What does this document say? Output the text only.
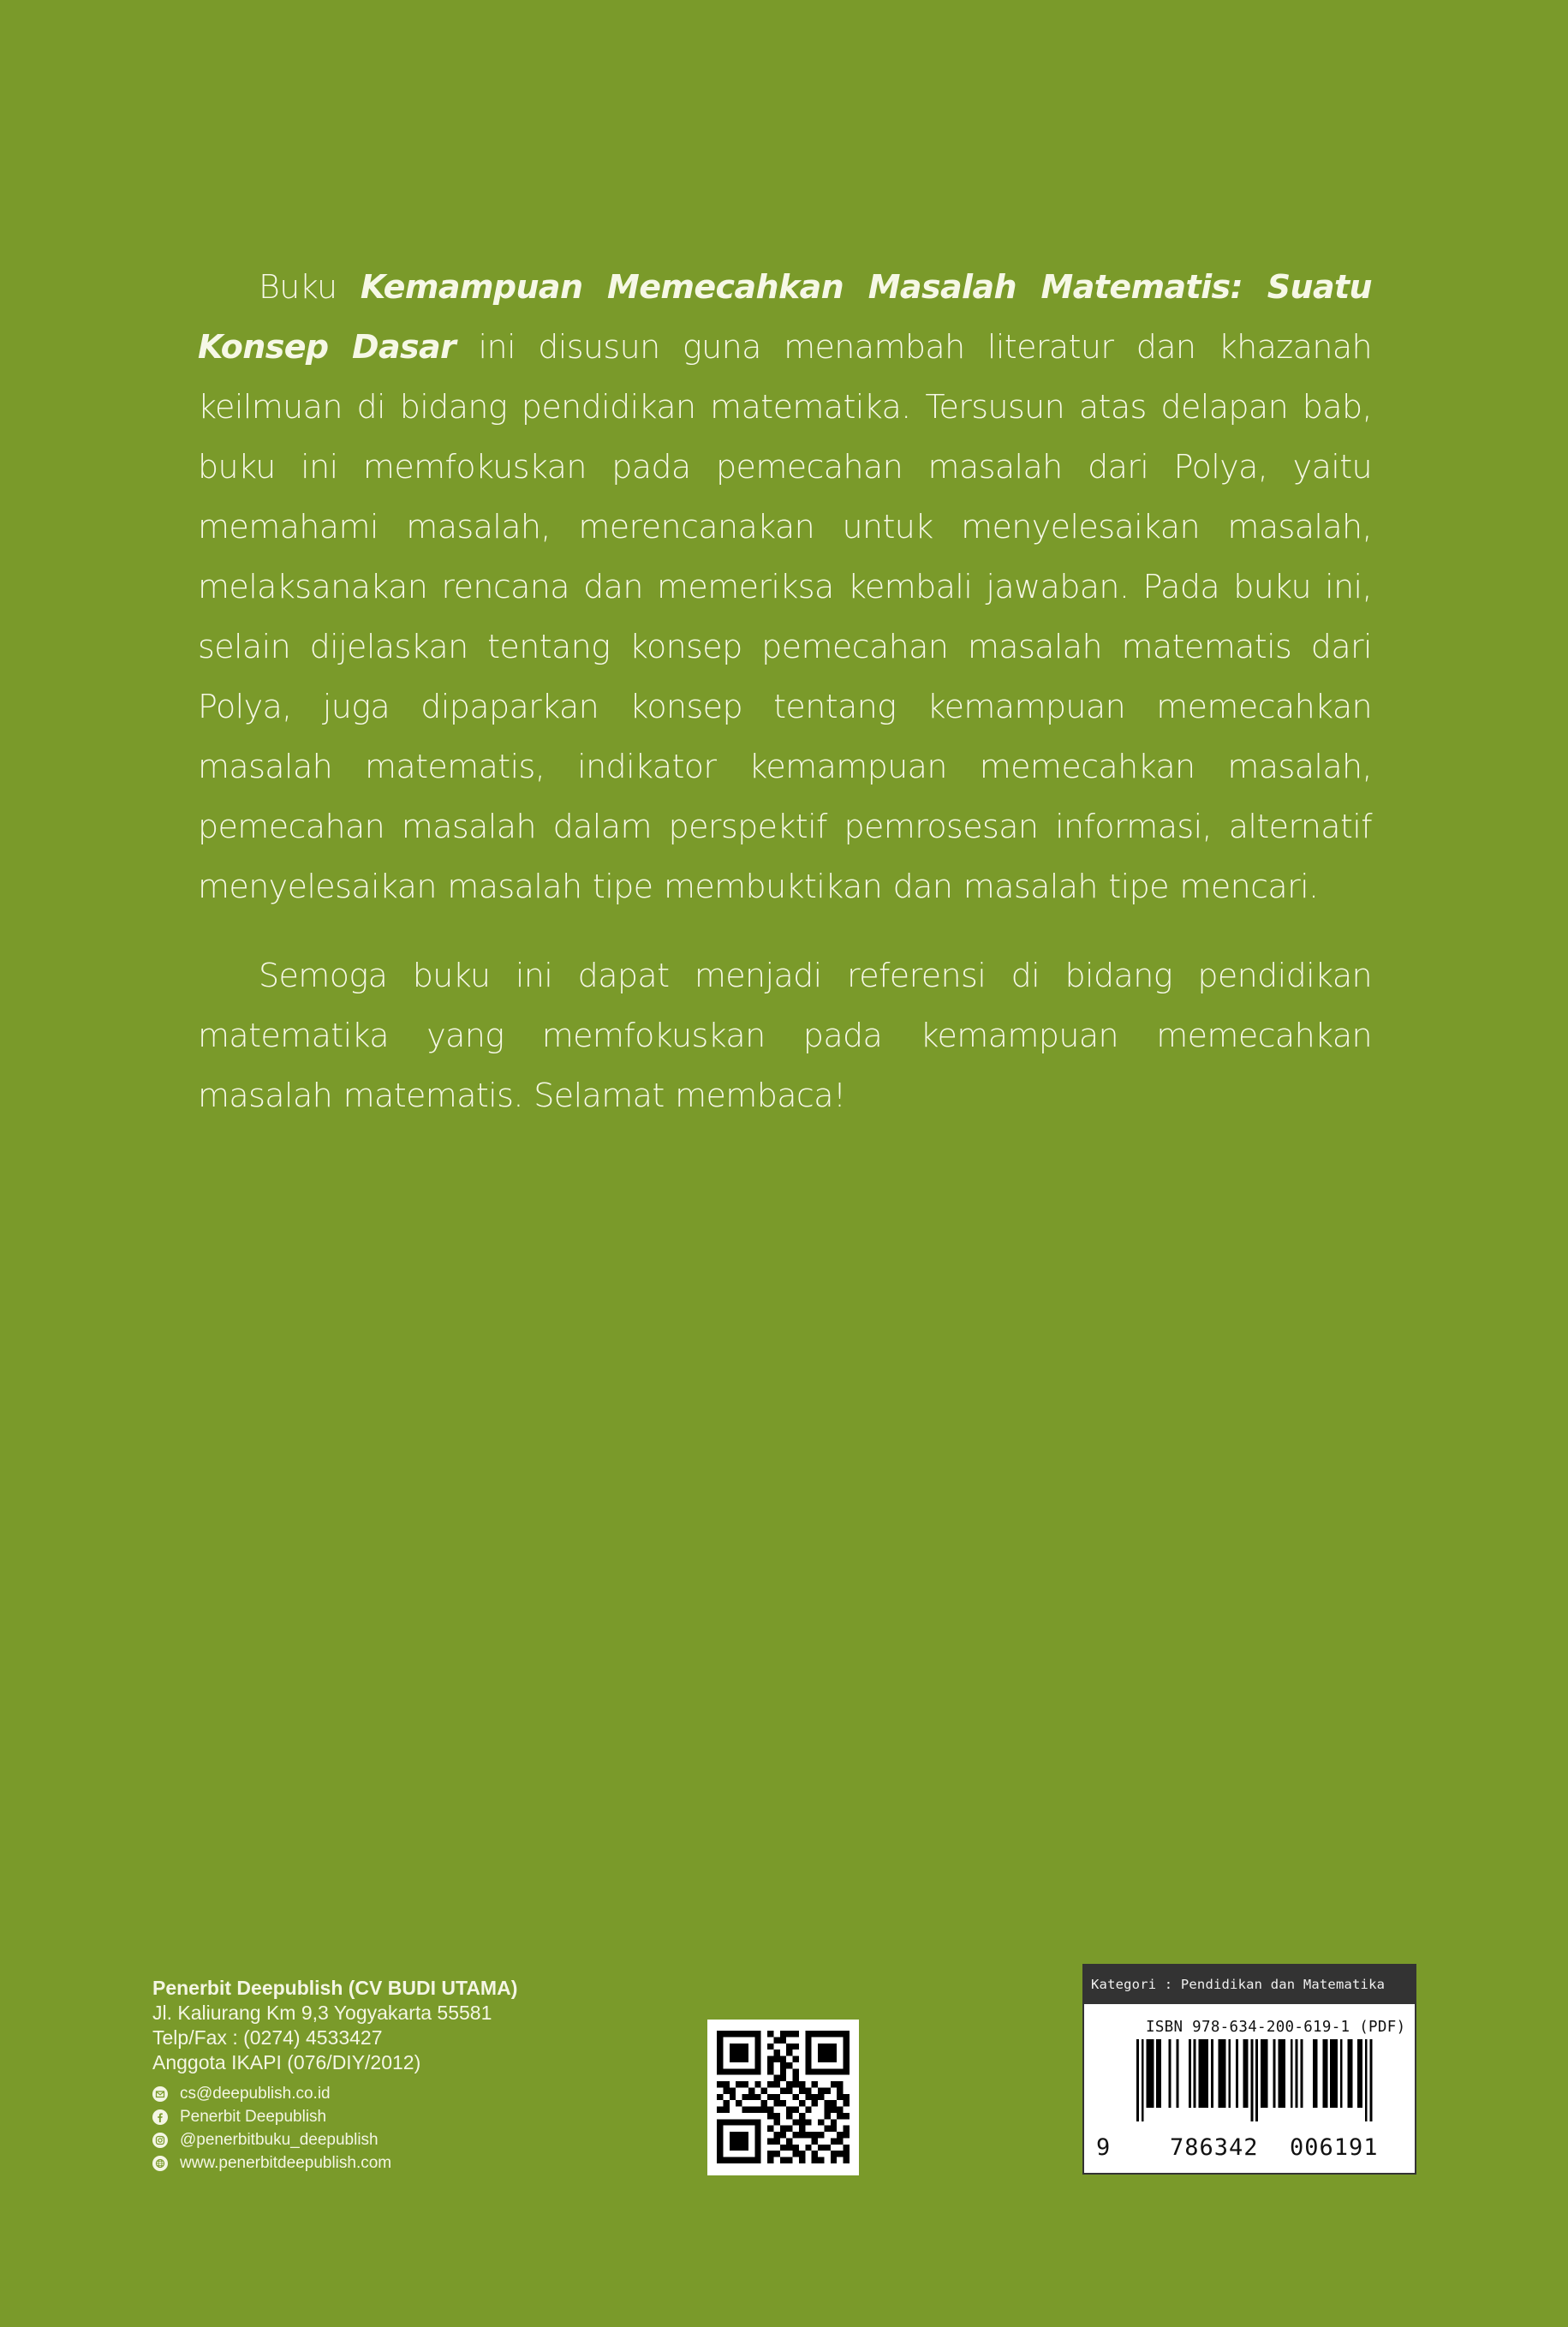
Buku Kemampuan Memecahkan Masalah Matematis: Suatu Konsep Dasar ini disusun guna menambah literatur dan khazanah keilmuan di bidang pendidikan matematika. Tersusun atas delapan bab, buku ini memfokuskan pada pemecahan masalah dari Polya, yaitu memahami masalah, merencanakan untuk menyelesaikan masalah, melaksanakan rencana dan memeriksa kembali jawaban. Pada buku ini, selain dijelaskan tentang konsep pemecahan masalah matematis dari Polya, juga dipaparkan konsep tentang kemampuan memecahkan masalah matematis, indikator kemampuan memecahkan masalah, pemecahan masalah dalam perspektif pemrosesan informasi, alternatif menyelesaikan masalah tipe membuktikan dan masalah tipe mencari.

Semoga buku ini dapat menjadi referensi di bidang pendidikan matematika yang memfokuskan pada kemampuan memecahkan masalah matematis. Selamat membaca!

Penerbit Deepublish (CV BUDI UTAMA)
Jl. Kaliurang Km 9,3 Yogyakarta 55581
Telp/Fax : (0274) 4533427
Anggota IKAPI (076/DIY/2012)
cs@deepublish.co.id
Penerbit Deepublish
@penerbitbuku_deepublish
www.penerbitdeepublish.com
Kategori : Pendidikan dan Matematika
ISBN 978-634-200-619-1 (PDF)
9	786342 006191
